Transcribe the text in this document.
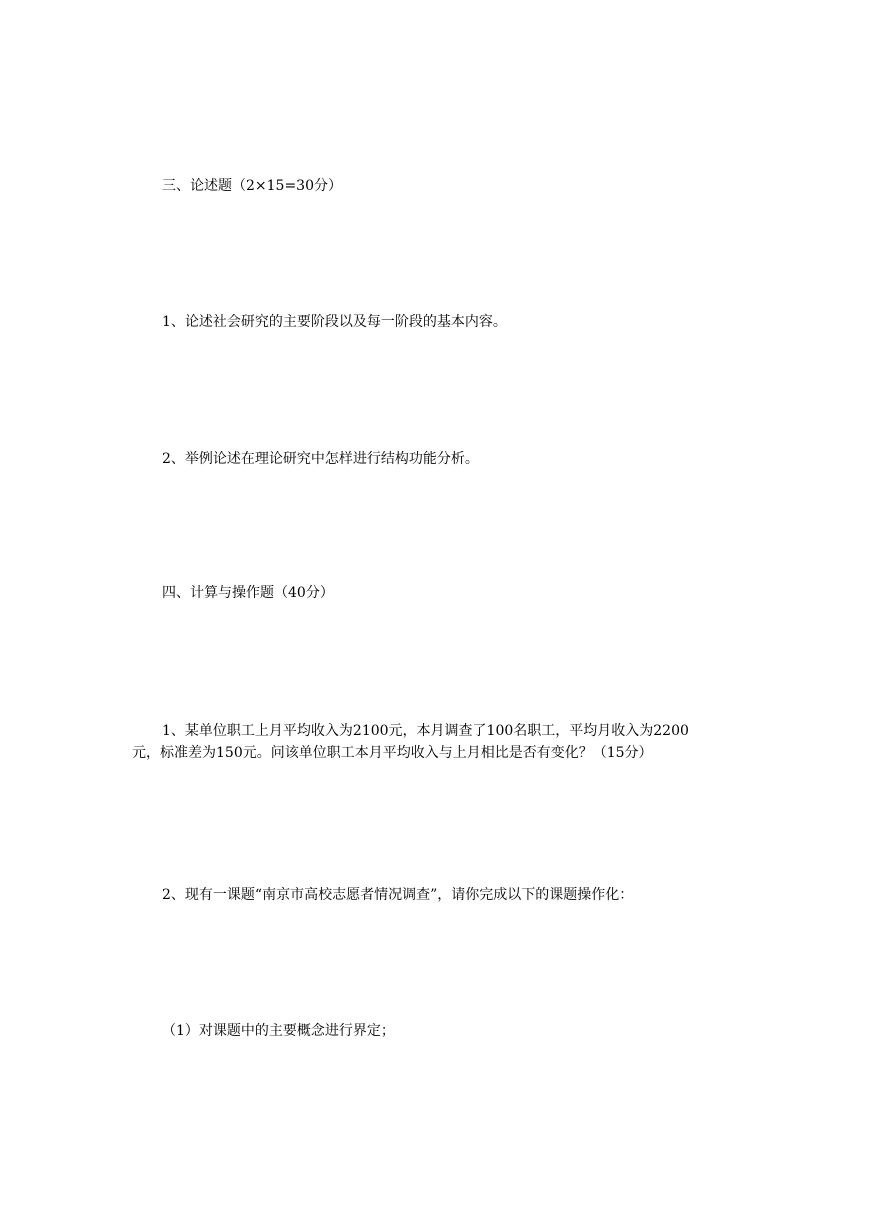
三、论述题（2×15=30分）
1、论述社会研究的主要阶段以及每一阶段的基本内容。
2、举例论述在理论研究中怎样进行结构功能分析。
四、计算与操作题（40分）
1、某单位职工上月平均收入为2100元，本月调查了100名职工，平均月收入为2200
元，标准差为150元。问该单位职工本月平均收入与上月相比是否有变化？（15分）
2、现有一课题“南京市高校志愿者情况调查”，请你完成以下的课题操作化：
（1）对课题中的主要概念进行界定；
